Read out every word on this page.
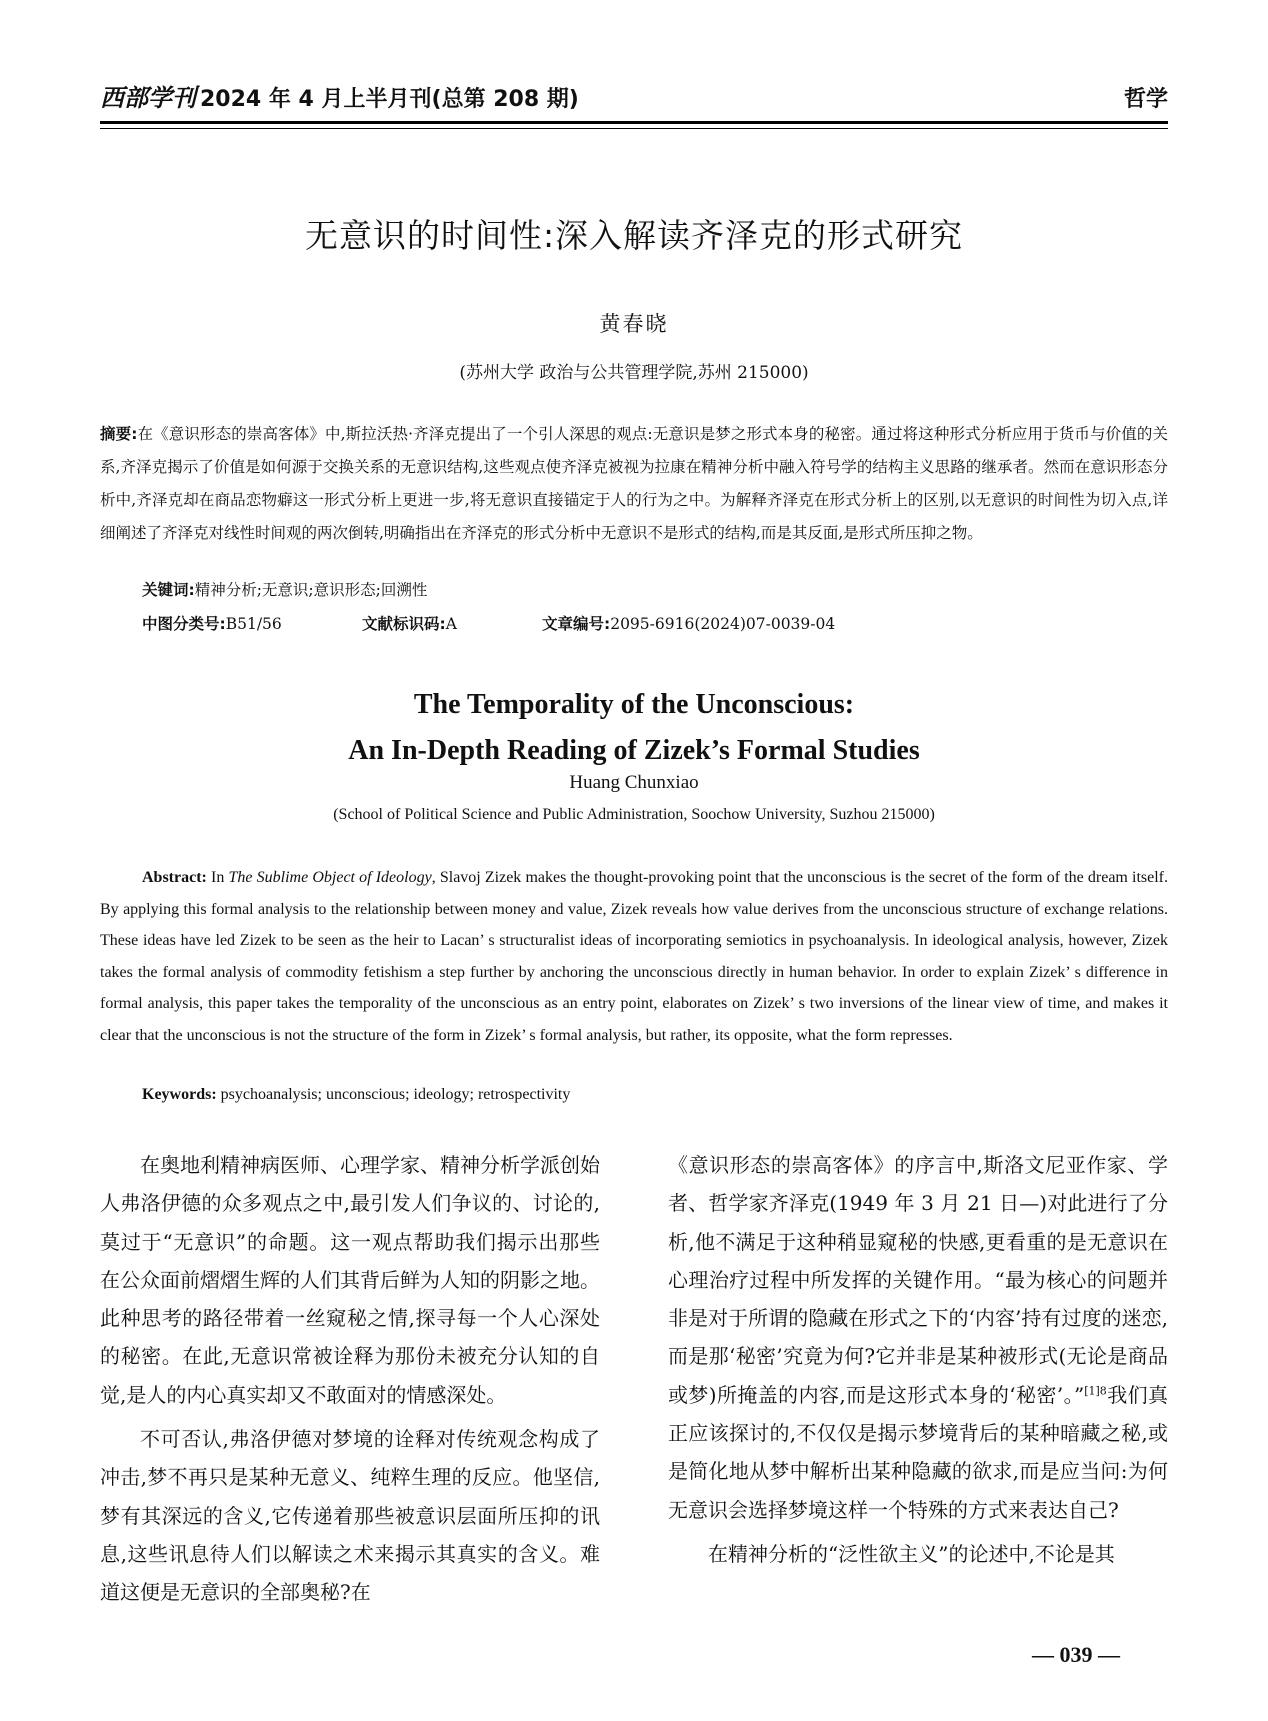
西部学刊 2024 年 4 月上半月刊(总第 208 期)	哲学
无意识的时间性:深入解读齐泽克的形式研究
黄春晓
(苏州大学 政治与公共管理学院,苏州 215000)
摘要:在《意识形态的崇高客体》中,斯拉沃热·齐泽克提出了一个引人深思的观点:无意识是梦之形式本身的秘密。通过将这种形式分析应用于货币与价值的关系,齐泽克揭示了价值是如何源于交换关系的无意识结构,这些观点使齐泽克被视为拉康在精神分析中融入符号学的结构主义思路的继承者。然而在意识形态分析中,齐泽克却在商品恋物癖这一形式分析上更进一步,将无意识直接锚定于人的行为之中。为解释齐泽克在形式分析上的区别,以无意识的时间性为切入点,详细阐述了齐泽克对线性时间观的两次倒转,明确指出在齐泽克的形式分析中无意识不是形式的结构,而是其反面,是形式所压抑之物。
关键词:精神分析;无意识;意识形态;回溯性
中图分类号:B51/56	文献标识码:A	文章编号:2095-6916(2024)07-0039-04
The Temporality of the Unconscious:
An In-Depth Reading of Zizek’s Formal Studies
Huang Chunxiao
(School of Political Science and Public Administration, Soochow University, Suzhou 215000)
Abstract: In The Sublime Object of Ideology, Slavoj Zizek makes the thought-provoking point that the unconscious is the secret of the form of the dream itself. By applying this formal analysis to the relationship between money and value, Zizek reveals how value derives from the unconscious structure of exchange relations. These ideas have led Zizek to be seen as the heir to Lacan’ s structuralist ideas of incorporating semiotics in psychoanalysis. In ideological analysis, however, Zizek takes the formal analysis of commodity fetishism a step further by anchoring the unconscious directly in human behavior. In order to explain Zizek’ s difference in formal analysis, this paper takes the temporality of the unconscious as an entry point, elaborates on Zizek’ s two inversions of the linear view of time, and makes it clear that the unconscious is not the structure of the form in Zizek’ s formal analysis, but rather, its opposite, what the form represses.
Keywords: psychoanalysis; unconscious; ideology; retrospectivity

在奥地利精神病医师、心理学家、精神分析学派创始人弗洛伊德的众多观点之中,最引发人们争议的、讨论的,莫过于“无意识”的命题。这一观点帮助我们揭示出那些在公众面前熠熠生辉的人们其背后鲜为人知的阴影之地。此种思考的路径带着一丝窥秘之情,探寻每一个人心深处的秘密。在此,无意识常被诠释为那份未被充分认知的自觉,是人的内心真实却又不敢面对的情感深处。

不可否认,弗洛伊德对梦境的诠释对传统观念构成了冲击,梦不再只是某种无意义、纯粹生理的反应。他坚信,梦有其深远的含义,它传递着那些被意识层面所压抑的讯息,这些讯息待人们以解读之术来揭示其真实的含义。难道这便是无意识的全部奥秘?在

《意识形态的崇高客体》的序言中,斯洛文尼亚作家、学者、哲学家齐泽克(1949 年 3 月 21 日—)对此进行了分析,他不满足于这种稍显窥秘的快感,更看重的是无意识在心理治疗过程中所发挥的关键作用。“最为核心的问题并非是对于所谓的隐藏在形式之下的‘内容’持有过度的迷恋,而是那‘秘密’究竟为何?它并非是某种被形式(无论是商品或梦)所掩盖的内容,而是这形式本身的‘秘密’。”$^{[1]8}$我们真正应该探讨的,不仅仅是揭示梦境背后的某种暗藏之秘,或是简化地从梦中解析出某种隐藏的欲求,而是应当问:为何无意识会选择梦境这样一个特殊的方式来表达自己?

在精神分析的“泛性欲主义”的论述中,不论是其

— 039 —
